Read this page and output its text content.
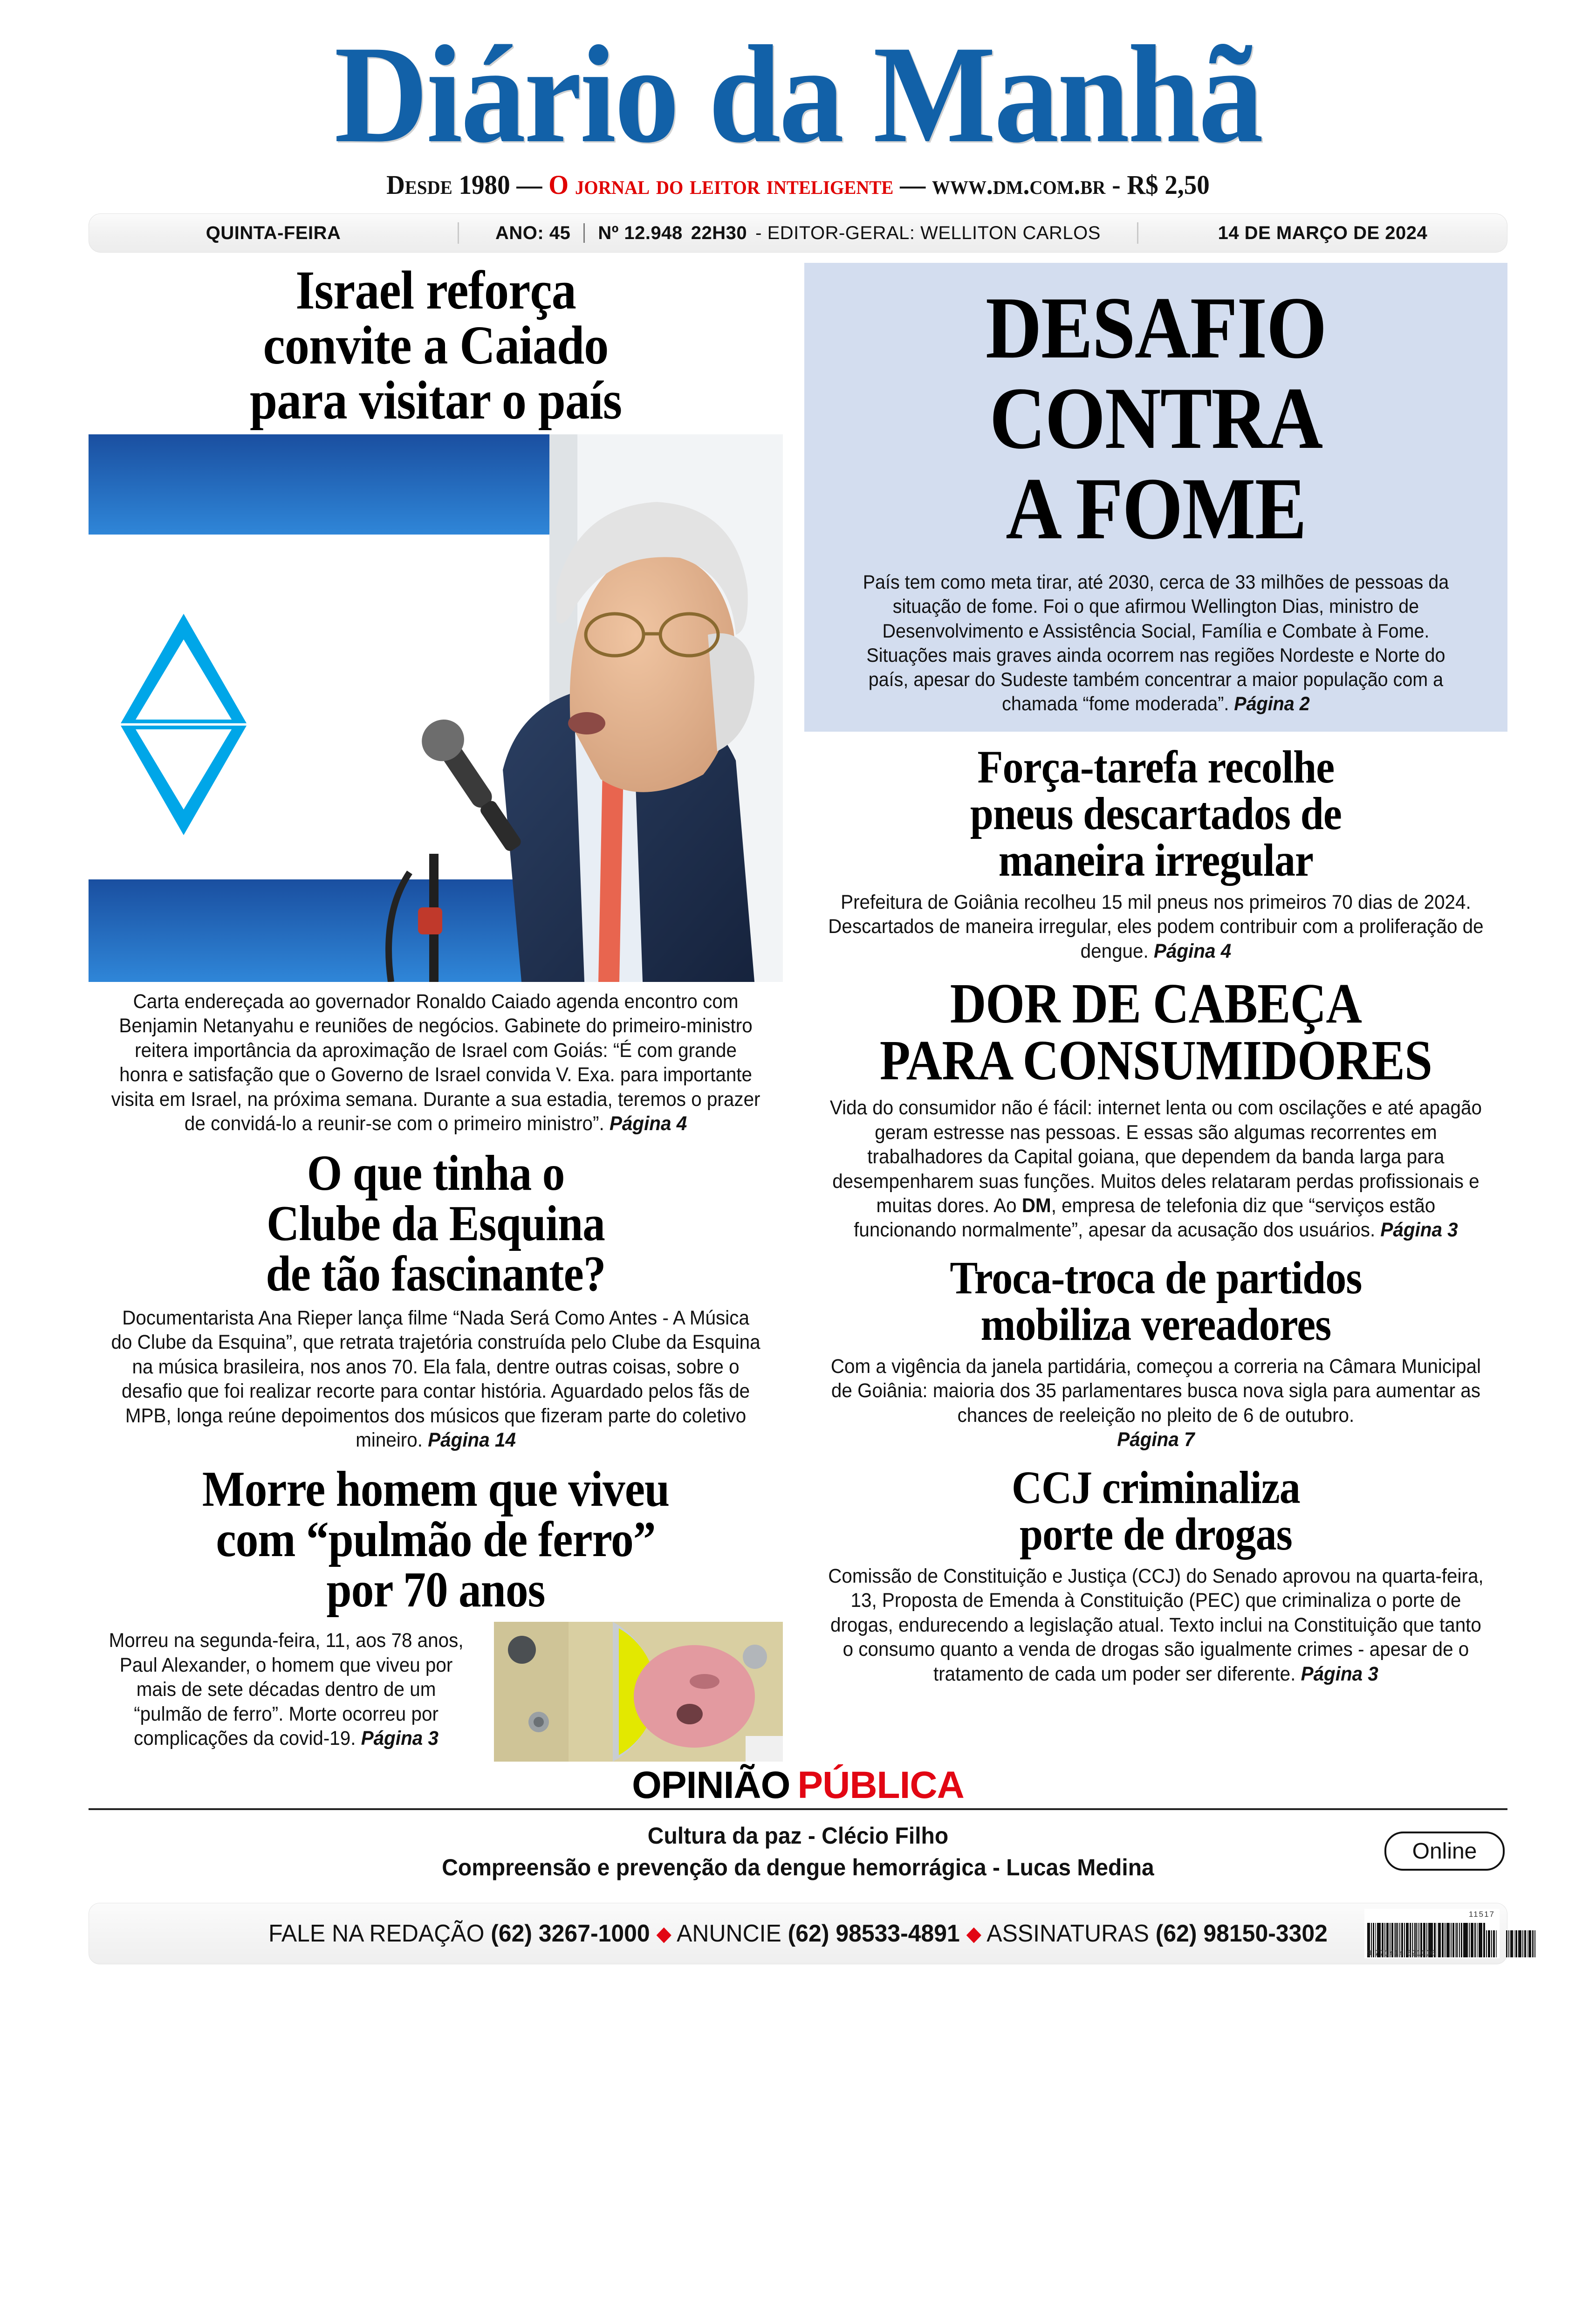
Diário da Manhã
Desde 1980 — O jornal do leitor inteligente — www.dm.com.br - R$ 2,50
QUINTA-FEIRA	ANO: 45 Nº 12.948 22H30 - EDITOR-GERAL: WELLITON CARLOS	14 DE MARÇO DE 2024
Israel reforça
convite a Caiado
para visitar o país
Carta endereçada ao governador Ronaldo Caiado agenda encontro com Benjamin Netanyahu e reuniões de negócios. Gabinete do primeiro-ministro reitera importância da aproximação de Israel com Goiás: “É com grande honra e satisfação que o Governo de Israel convida V. Exa. para importante visita em Israel, na próxima semana. Durante a sua estadia, teremos o prazer de convidá-lo a reunir-se com o primeiro ministro”. Página 4
O que tinha o
Clube da Esquina
de tão fascinante?
Documentarista Ana Rieper lança filme “Nada Será Como Antes - A Música do Clube da Esquina”, que retrata trajetória construída pelo Clube da Esquina na música brasileira, nos anos 70. Ela fala, dentre outras coisas, sobre o desafio que foi realizar recorte para contar história. Aguardado pelos fãs de MPB, longa reúne depoimentos dos músicos que fizeram parte do coletivo mineiro. Página 14
Morre homem que viveu
com “pulmão de ferro”
por 70 anos
Morreu na segunda-feira, 11, aos 78 anos, Paul Alexander, o homem que viveu por mais de sete décadas dentro de um “pulmão de ferro”. Morte ocorreu por complicações da covid-19. Página 3
DESAFIO
CONTRA
A FOME
País tem como meta tirar, até 2030, cerca de 33 milhões de pessoas da situação de fome. Foi o que afirmou Wellington Dias, ministro de Desenvolvimento e Assistência Social, Família e Combate à Fome. Situações mais graves ainda ocorrem nas regiões Nordeste e Norte do país, apesar do Sudeste também concentrar a maior população com a chamada “fome moderada”. Página 2
Força-tarefa recolhe
pneus descartados de
maneira irregular
Prefeitura de Goiânia recolheu 15 mil pneus nos primeiros 70 dias de 2024. Descartados de maneira irregular, eles podem contribuir com a proliferação de dengue. Página 4
DOR DE CABEÇA
PARA CONSUMIDORES
Vida do consumidor não é fácil: internet lenta ou com oscilações e até apagão geram estresse nas pessoas. E essas são algumas recorrentes em trabalhadores da Capital goiana, que dependem da banda larga para desempenharem suas funções. Muitos deles relataram perdas profissionais e muitas dores. Ao DM, empresa de telefonia diz que “serviços estão funcionando normalmente”, apesar da acusação dos usuários. Página 3
Troca-troca de partidos
mobiliza vereadores
Com a vigência da janela partidária, começou a correria na Câmara Municipal de Goiânia: maioria dos 35 parlamentares busca nova sigla para aumentar as chances de reeleição no pleito de 6 de outubro.
Página 7
CCJ criminaliza
porte de drogas
Comissão de Constituição e Justiça (CCJ) do Senado aprovou na quarta-feira, 13, Proposta de Emenda à Constituição (PEC) que criminaliza o porte de drogas, endurecendo a legislação atual. Texto inclui na Constituição que tanto o consumo quanto a venda de drogas são igualmente crimes - apesar de o tratamento de cada um poder ser diferente. Página 3
OPINIÃO PÚBLICA
Cultura da paz - Clécio Filho
Compreensão e prevenção da dengue hemorrágica - Lucas Medina
Online
FALE NA REDAÇÃO (62) 3267-1000 ◆ ANUNCIE (62) 98533-4891 ◆ ASSINATURAS (62) 98150-3302
9 771414 621006
11517
